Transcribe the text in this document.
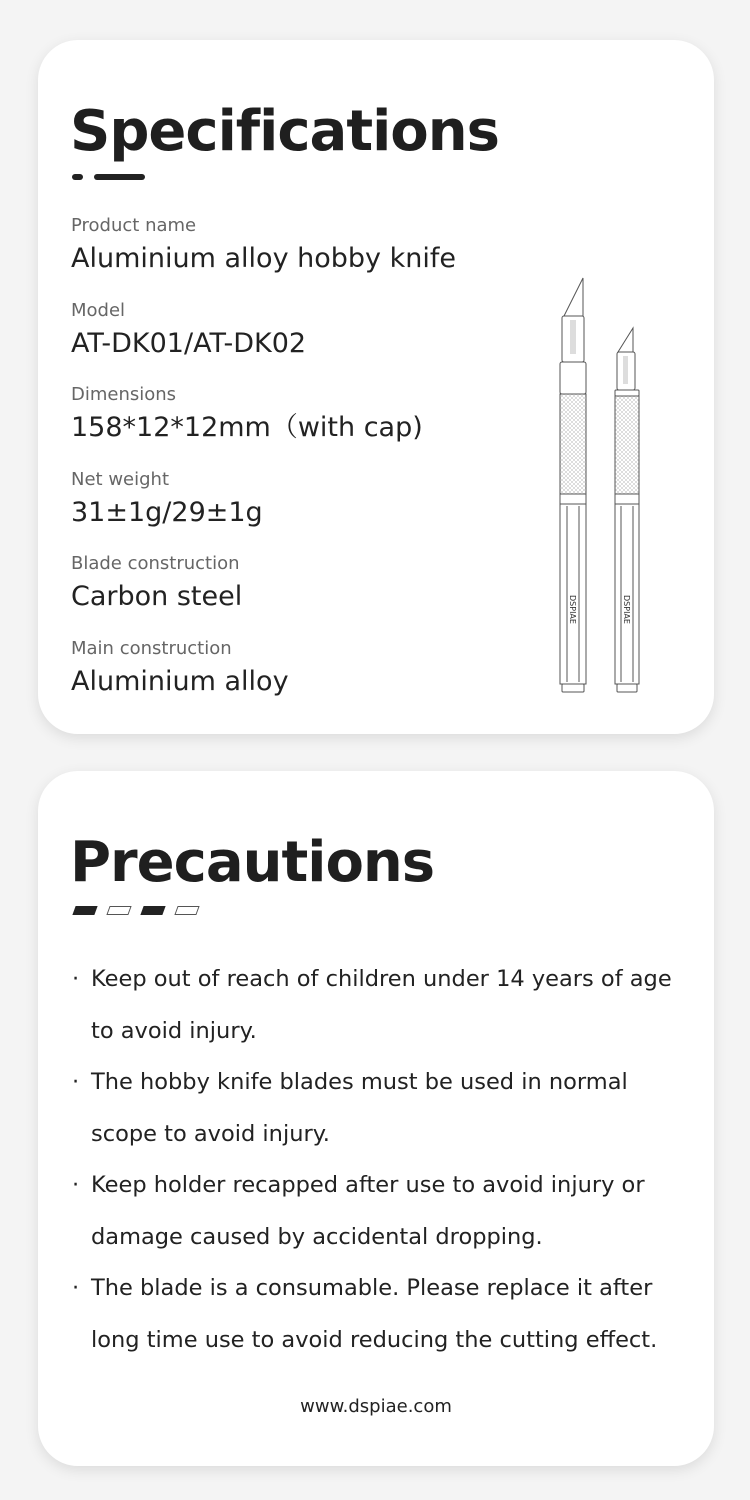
Specifications
Product name
Aluminium alloy hobby knife
Model
AT-DK01/AT-DK02
Dimensions
158*12*12mm（with cap)
Net weight
31±1g/29±1g
Blade construction
Carbon steel
Main construction
Aluminium alloy
DSPIAE	DSPIAE
Precautions
· Keep out of reach of children under 14 years of age to avoid injury.
· The hobby knife blades must be used in normal scope to avoid injury.
· Keep holder recapped after use to avoid injury or damage caused by accidental dropping.
· The blade is a consumable. Please replace it after long time use to avoid reducing the cutting effect.
www.dspiae.com
